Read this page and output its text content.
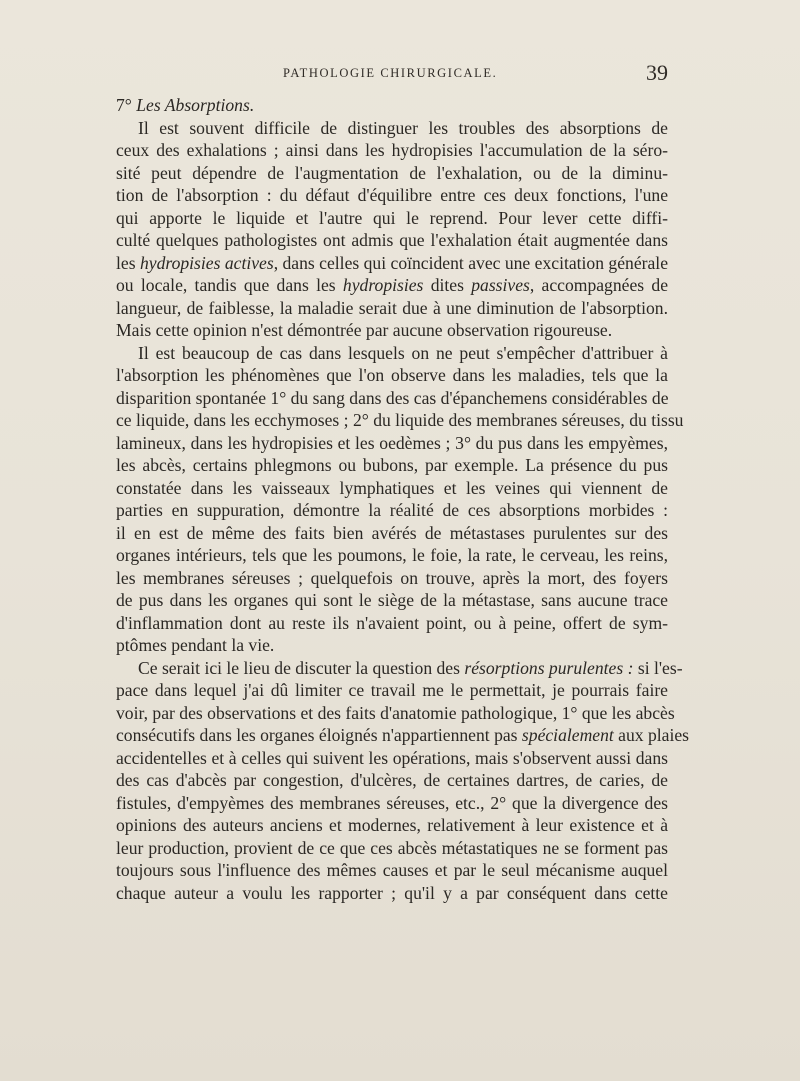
PATHOLOGIE CHIRURGICALE.	39

7° Les Absorptions.

Il est souvent difficile de distinguer les troubles des absorptions de
ceux des exhalations ; ainsi dans les hydropisies l'accumulation de la séro-
sité peut dépendre de l'augmentation de l'exhalation, ou de la diminu-
tion de l'absorption : du défaut d'équilibre entre ces deux fonctions, l'une
qui apporte le liquide et l'autre qui le reprend. Pour lever cette diffi-
culté quelques pathologistes ont admis que l'exhalation était augmentée dans
les hydropisies actives, dans celles qui coïncident avec une excitation générale
ou locale, tandis que dans les hydropisies dites passives, accompagnées de
langueur, de faiblesse, la maladie serait due à une diminution de l'absorption.
Mais cette opinion n'est démontrée par aucune observation rigoureuse.

Il est beaucoup de cas dans lesquels on ne peut s'empêcher d'attribuer à
l'absorption les phénomènes que l'on observe dans les maladies, tels que la
disparition spontanée 1° du sang dans des cas d'épanchemens considérables de
ce liquide, dans les ecchymoses ; 2° du liquide des membranes séreuses, du tissu
lamineux, dans les hydropisies et les oedèmes ; 3° du pus dans les empyèmes,
les abcès, certains phlegmons ou bubons, par exemple. La présence du pus
constatée dans les vaisseaux lymphatiques et les veines qui viennent de
parties en suppuration, démontre la réalité de ces absorptions morbides :
il en est de même des faits bien avérés de métastases purulentes sur des
organes intérieurs, tels que les poumons, le foie, la rate, le cerveau, les reins,
les membranes séreuses ; quelquefois on trouve, après la mort, des foyers
de pus dans les organes qui sont le siège de la métastase, sans aucune trace
d'inflammation dont au reste ils n'avaient point, ou à peine, offert de sym-
ptômes pendant la vie.

Ce serait ici le lieu de discuter la question des résorptions purulentes : si l'es-
pace dans lequel j'ai dû limiter ce travail me le permettait, je pourrais faire
voir, par des observations et des faits d'anatomie pathologique, 1° que les abcès
consécutifs dans les organes éloignés n'appartiennent pas spécialement aux plaies
accidentelles et à celles qui suivent les opérations, mais s'observent aussi dans
des cas d'abcès par congestion, d'ulcères, de certaines dartres, de caries, de
fistules, d'empyèmes des membranes séreuses, etc., 2° que la divergence des
opinions des auteurs anciens et modernes, relativement à leur existence et à
leur production, provient de ce que ces abcès métastatiques ne se forment pas
toujours sous l'influence des mêmes causes et par le seul mécanisme auquel
chaque auteur a voulu les rapporter ; qu'il y a par conséquent dans cette
